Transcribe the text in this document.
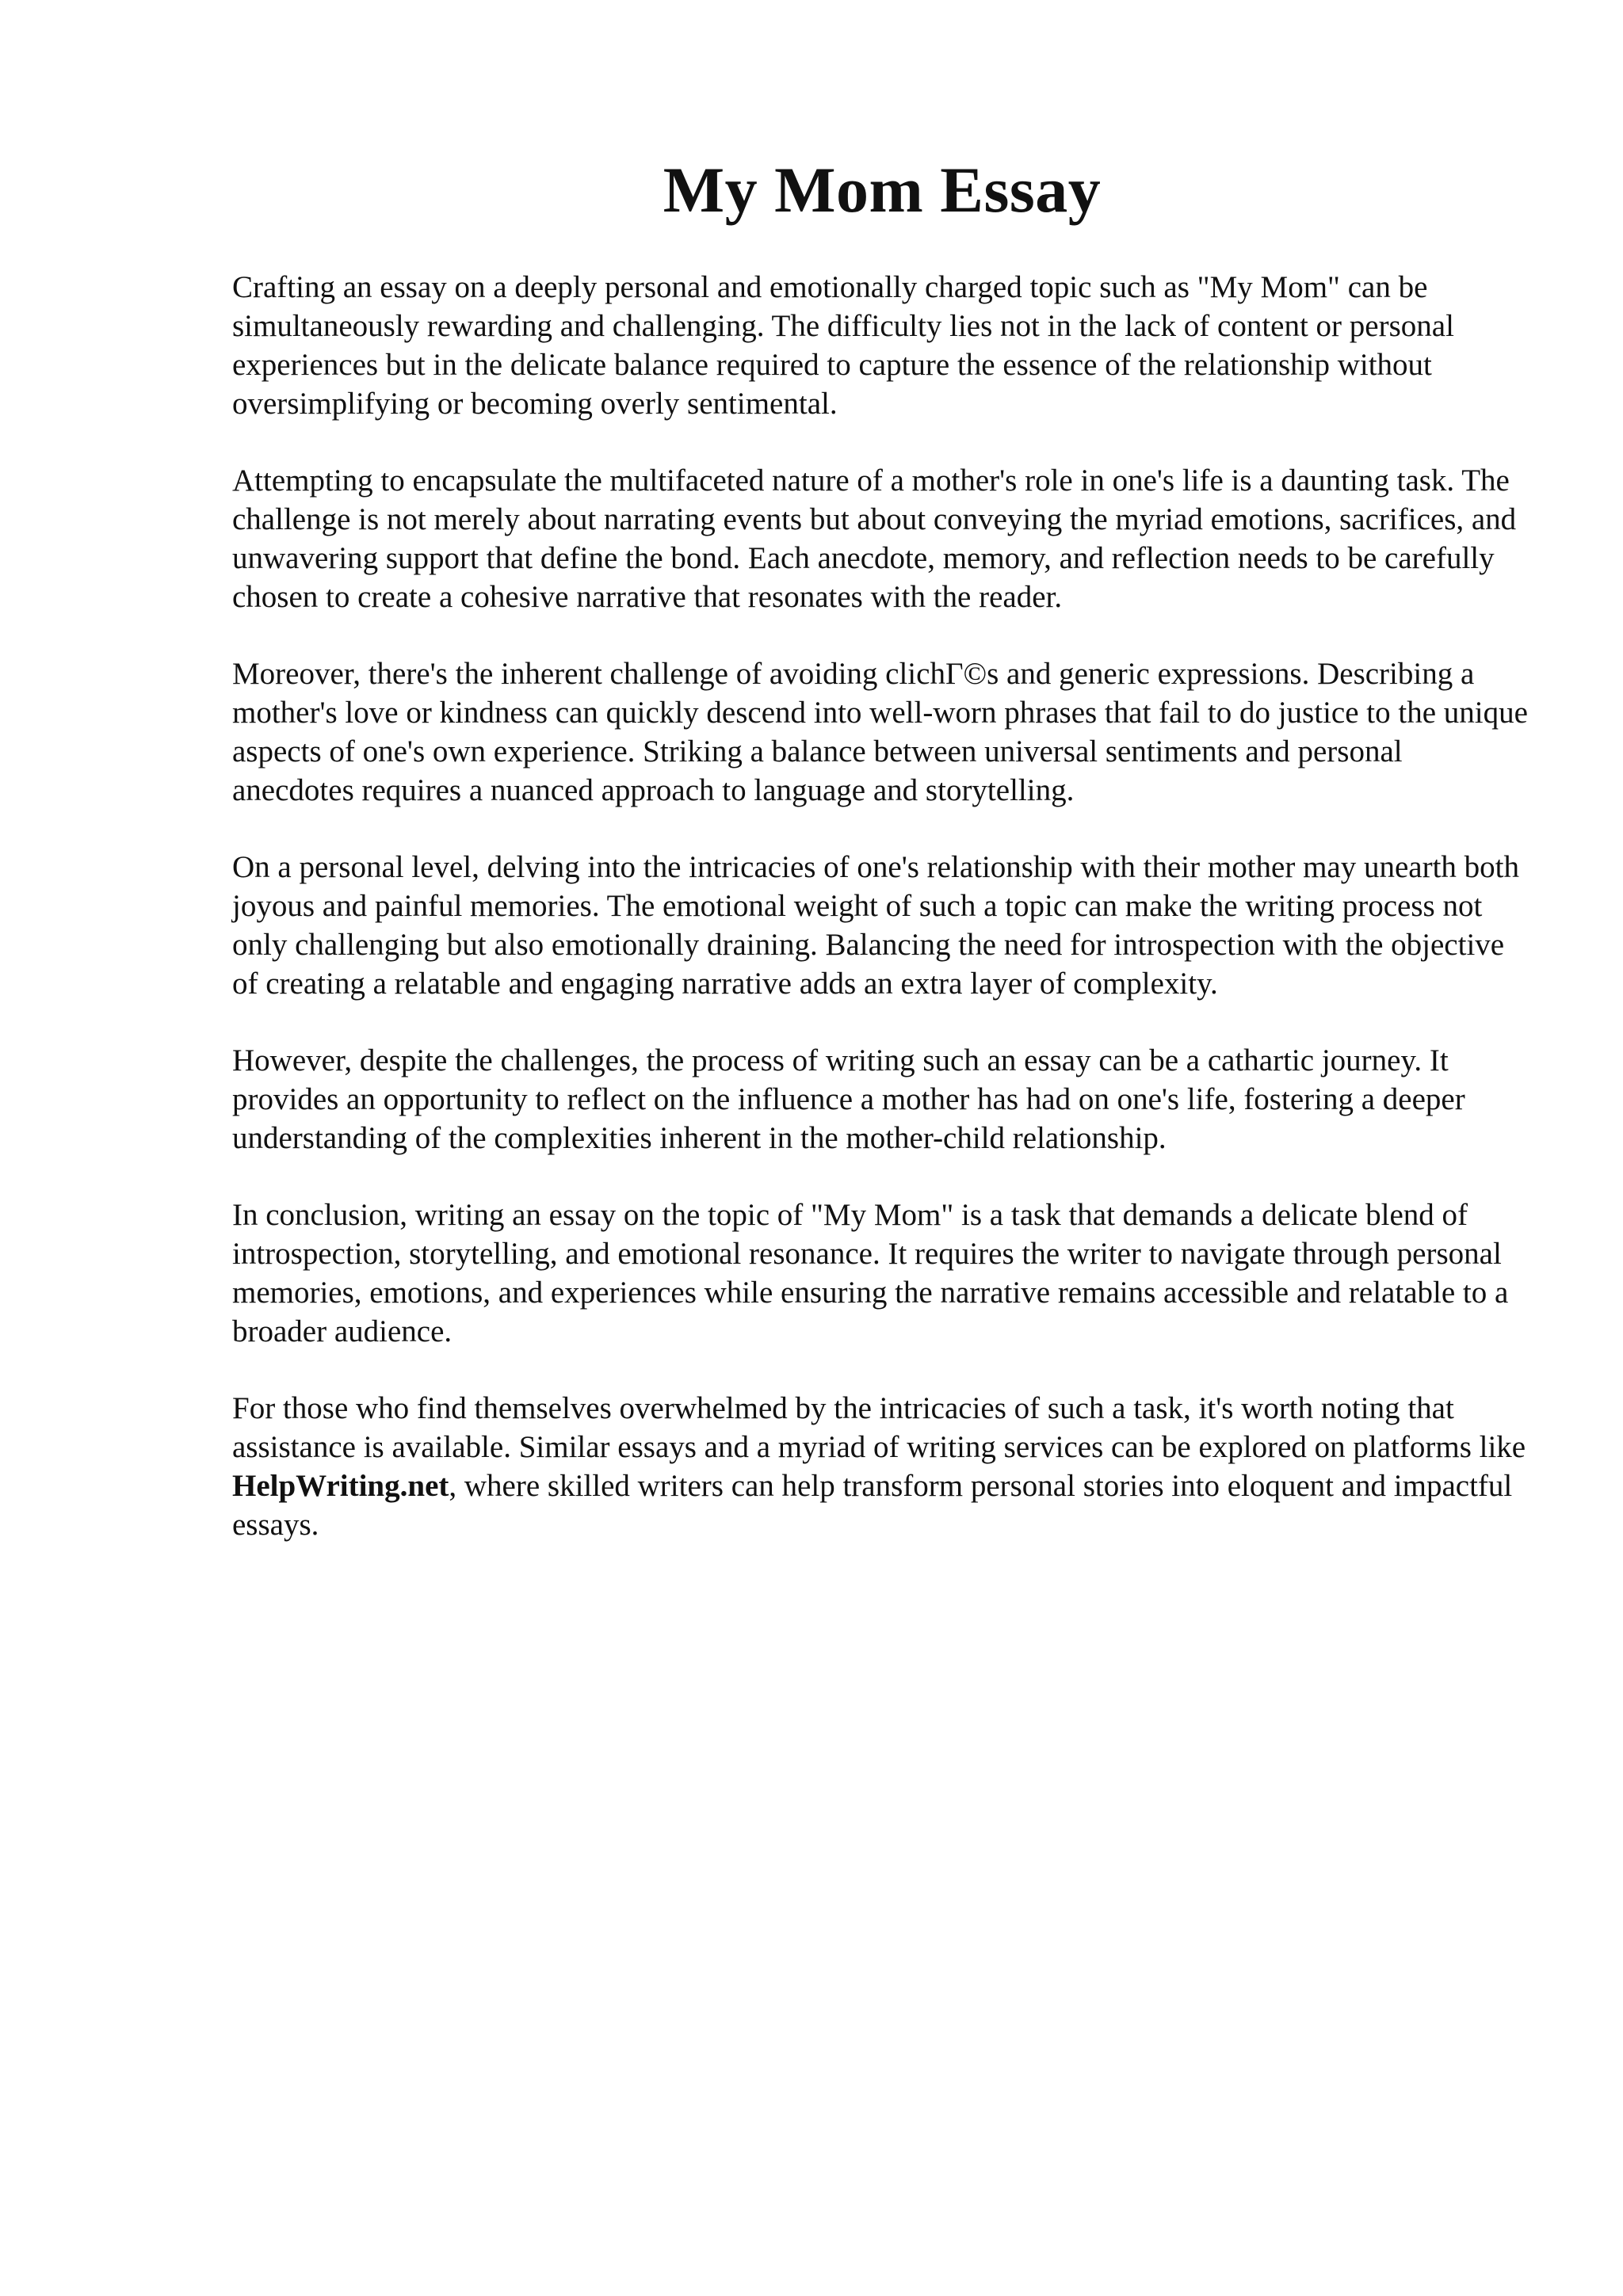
My Mom Essay

Crafting an essay on a deeply personal and emotionally charged topic such as "My Mom" can be simultaneously rewarding and challenging. The difficulty lies not in the lack of content or personal experiences but in the delicate balance required to capture the essence of the relationship without oversimplifying or becoming overly sentimental.

Attempting to encapsulate the multifaceted nature of a mother's role in one's life is a daunting task. The challenge is not merely about narrating events but about conveying the myriad emotions, sacrifices, and unwavering support that define the bond. Each anecdote, memory, and reflection needs to be carefully chosen to create a cohesive narrative that resonates with the reader.

Moreover, there's the inherent challenge of avoiding clichГ©s and generic expressions. Describing a mother's love or kindness can quickly descend into well-worn phrases that fail to do justice to the unique aspects of one's own experience. Striking a balance between universal sentiments and personal anecdotes requires a nuanced approach to language and storytelling.

On a personal level, delving into the intricacies of one's relationship with their mother may unearth both joyous and painful memories. The emotional weight of such a topic can make the writing process not only challenging but also emotionally draining. Balancing the need for introspection with the objective of creating a relatable and engaging narrative adds an extra layer of complexity.

However, despite the challenges, the process of writing such an essay can be a cathartic journey. It provides an opportunity to reflect on the influence a mother has had on one's life, fostering a deeper understanding of the complexities inherent in the mother-child relationship.

In conclusion, writing an essay on the topic of "My Mom" is a task that demands a delicate blend of introspection, storytelling, and emotional resonance. It requires the writer to navigate through personal memories, emotions, and experiences while ensuring the narrative remains accessible and relatable to a broader audience.

For those who find themselves overwhelmed by the intricacies of such a task, it's worth noting that assistance is available. Similar essays and a myriad of writing services can be explored on platforms like HelpWriting.net, where skilled writers can help transform personal stories into eloquent and impactful essays.
